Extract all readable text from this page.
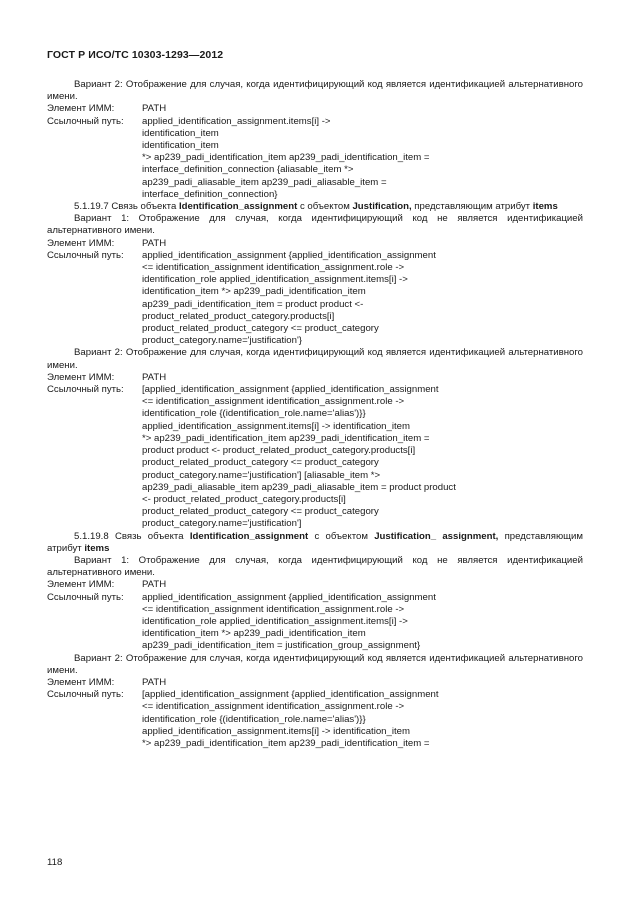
ГОСТ Р ИСО/ТС 10303-1293—2012

Вариант 2: Отображение для случая, когда идентифицирующий код является идентификацией альтернативного имени.

Элемент ИММ:	PATH
Ссылочный путь:	applied_identification_assignment.items[i] ->
identification_item
identification_item
*> ap239_padi_identification_item ap239_padi_identification_item =
interface_definition_connection {aliasable_item *>
ap239_padi_aliasable_item ap239_padi_aliasable_item =
interface_definition_connection}

5.1.19.7 Связь объекта Identification_assignment с объектом Justification, представляющим атрибут items

Вариант 1: Отображение для случая, когда идентифицирующий код не является идентификацией альтернативного имени.

Элемент ИММ:	PATH
Ссылочный путь:	applied_identification_assignment {applied_identification_assignment
<= identification_assignment identification_assignment.role ->
identification_role applied_identification_assignment.items[i] ->
identification_item *> ap239_padi_identification_item
ap239_padi_identification_item = product product <-
product_related_product_category.products[i]
product_related_product_category <= product_category
product_category.name='justification'}

Вариант 2: Отображение для случая, когда идентифицирующий код является идентификацией альтернативного имени.

Элемент ИММ:	PATH
Ссылочный путь:	[applied_identification_assignment {applied_identification_assignment
<= identification_assignment identification_assignment.role ->
identification_role {(identification_role.name='alias')}}
applied_identification_assignment.items[i] -> identification_item
*> ap239_padi_identification_item ap239_padi_identification_item =
product product <- product_related_product_category.products[i]
product_related_product_category <= product_category
product_category.name='justification'] [aliasable_item *>
ap239_padi_aliasable_item ap239_padi_aliasable_item = product product
<- product_related_product_category.products[i]
product_related_product_category <= product_category
product_category.name='justification']

5.1.19.8 Связь объекта Identification_assignment с объектом Justification_ assignment, представляющим атрибут items

Вариант 1: Отображение для случая, когда идентифицирующий код не является идентификацией альтернативного имени.

Элемент ИММ:	PATH
Ссылочный путь:	applied_identification_assignment {applied_identification_assignment
<= identification_assignment identification_assignment.role ->
identification_role applied_identification_assignment.items[i] ->
identification_item *> ap239_padi_identification_item
ap239_padi_identification_item = justification_group_assignment}

Вариант 2: Отображение для случая, когда идентифицирующий код является идентификацией альтернативного имени.

Элемент ИММ:	PATH
Ссылочный путь:	[applied_identification_assignment {applied_identification_assignment
<= identification_assignment identification_assignment.role ->
identification_role {(identification_role.name='alias')}}
applied_identification_assignment.items[i] -> identification_item
*> ap239_padi_identification_item ap239_padi_identification_item =
118
